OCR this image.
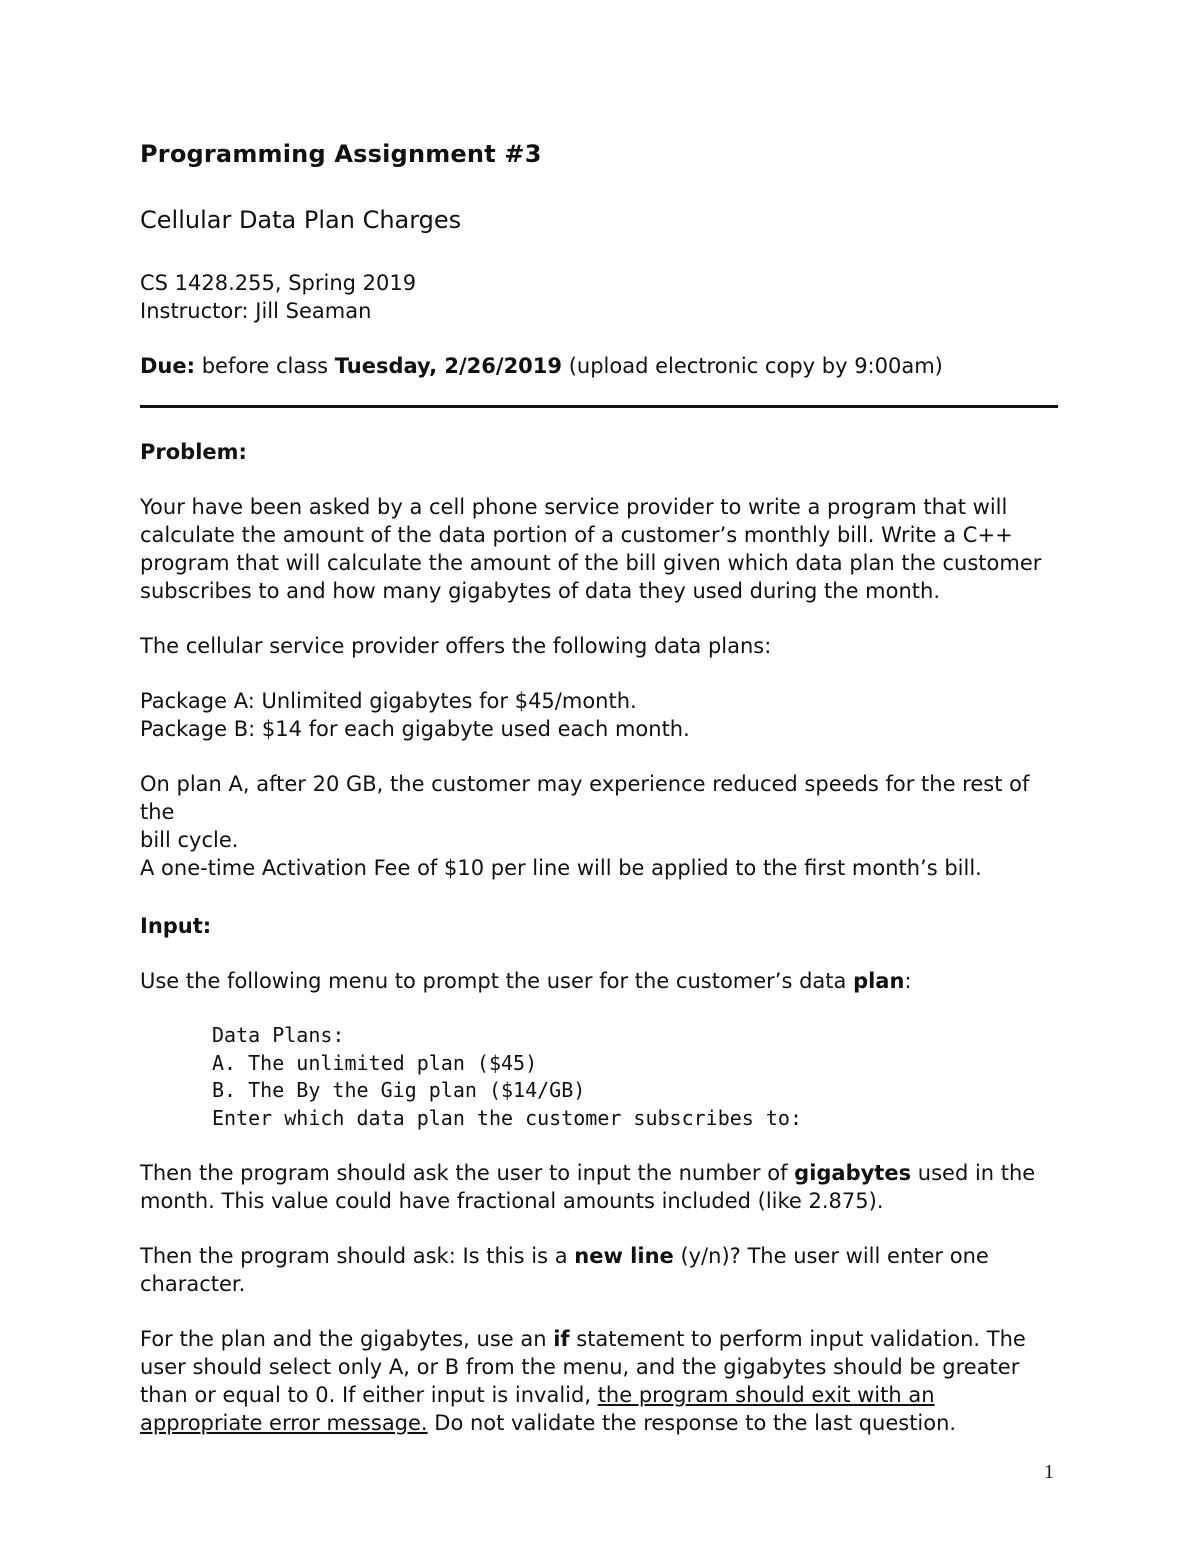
Programming Assignment #3

Cellular Data Plan Charges

CS 1428.255, Spring 2019

Instructor: Jill Seaman

Due: before class Tuesday, 2/26/2019 (upload electronic copy by 9:00am)

Problem:

Your have been asked by a cell phone service provider to write a program that will

calculate the amount of the data portion of a customer’s monthly bill. Write a C++

program that will calculate the amount of the bill given which data plan the customer

subscribes to and how many gigabytes of data they used during the month.

The cellular service provider offers the following data plans:

Package A: Unlimited gigabytes for $45/month.

Package B: $14 for each gigabyte used each month.

On plan A, after 20 GB, the customer may experience reduced speeds for the rest of the

bill cycle.

A one-time Activation Fee of $10 per line will be applied to the first month’s bill.

Input:

Use the following menu to prompt the user for the customer’s data plan:

Data Plans:
A. The unlimited plan ($45)
B. The By the Gig plan ($14/GB)
Enter which data plan the customer subscribes to:

Then the program should ask the user to input the number of gigabytes used in the

month. This value could have fractional amounts included (like 2.875).

Then the program should ask: Is this is a new line (y/n)? The user will enter one

character.

For the plan and the gigabytes, use an if statement to perform input validation. The

user should select only A, or B from the menu, and the gigabytes should be greater

than or equal to 0. If either input is invalid, the program should exit with an

appropriate error message. Do not validate the response to the last question.

1
